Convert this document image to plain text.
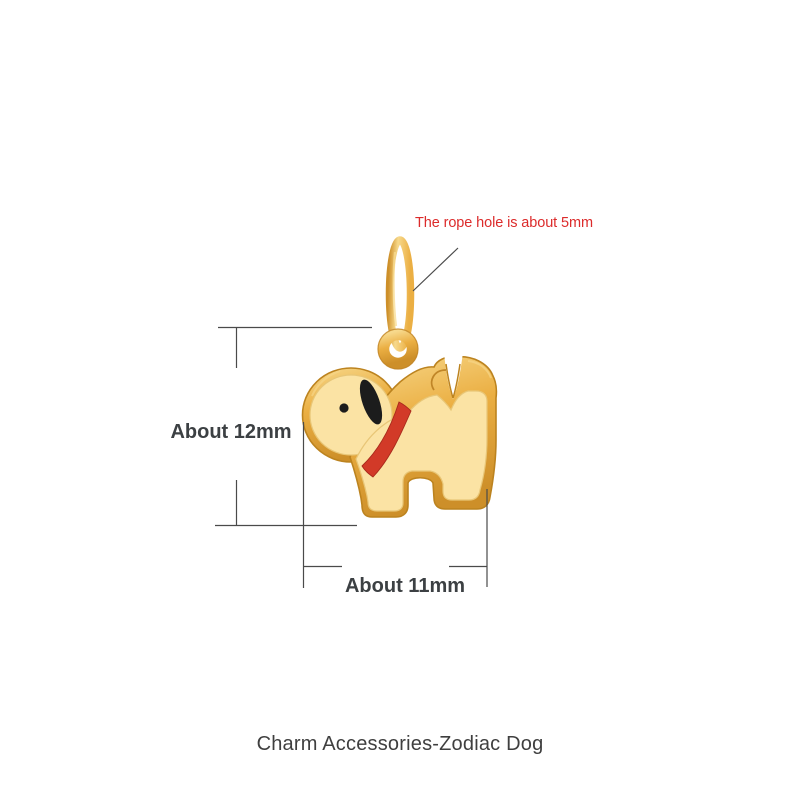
The rope hole is about 5mm
About 12mm
About 11mm
Charm Accessories-Zodiac Dog
